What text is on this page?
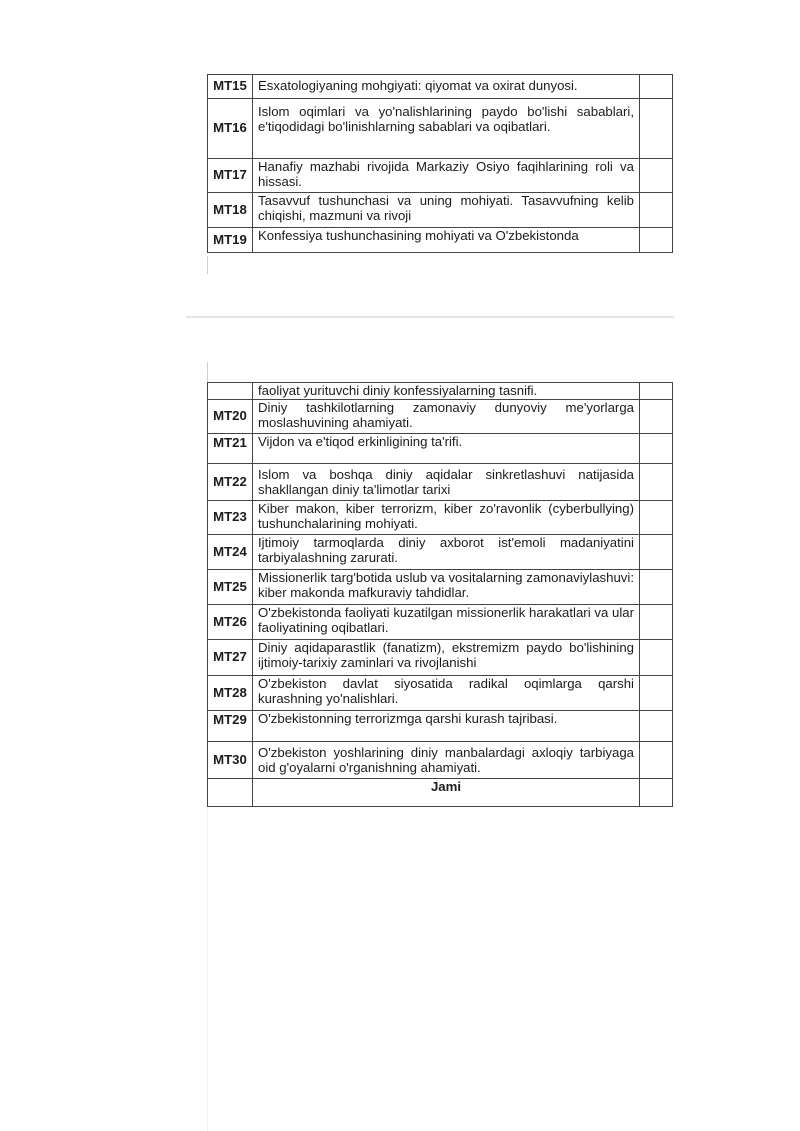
MT15	Esxatologiyaning mohgiyati: qiyomat va oxirat dunyosi.	
MT16	Islom oqimlari va yo'nalishlarining paydo bo'lishi sabablari, e'tiqodidagi bo'linishlarning sabablari va oqibatlari.	
MT17	Hanafiy mazhabi rivojida Markaziy Osiyo faqihlarining roli va hissasi.	
MT18	Tasavvuf tushunchasi va uning mohiyati. Tasavvufning kelib chiqishi, mazmuni va rivoji	
MT19	Konfessiya tushunchasining mohiyati va O'zbekistonda	
	faoliyat yurituvchi diniy konfessiyalarning tasnifi.	
MT20	Diniy tashkilotlarning zamonaviy dunyoviy me'yorlarga moslashuvining ahamiyati.	
MT21	Vijdon va e'tiqod erkinligining ta'rifi.	
MT22	Islom va boshqa diniy aqidalar sinkretlashuvi natijasida shakllangan diniy ta'limotlar tarixi	
MT23	Kiber makon, kiber terrorizm, kiber zo'ravonlik (cyberbullying) tushunchalarining mohiyati.	
MT24	Ijtimoiy tarmoqlarda diniy axborot ist'emoli madaniyatini tarbiyalashning zarurati.	
MT25	Missionerlik targ'botida uslub va vositalarning zamonaviylashuvi: kiber makonda mafkuraviy tahdidlar.	
MT26	O'zbekistonda faoliyati kuzatilgan missionerlik harakatlari va ular faoliyatining oqibatlari.	
MT27	Diniy aqidaparastlik (fanatizm), ekstremizm paydo bo'lishining ijtimoiy-tarixiy zaminlari va rivojlanishi	
MT28	O'zbekiston davlat siyosatida radikal oqimlarga qarshi kurashning yo'nalishlari.	
MT29	O'zbekistonning terrorizmga qarshi kurash tajribasi.	
MT30	O'zbekiston yoshlarining diniy manbalardagi axloqiy tarbiyaga oid g'oyalarni o'rganishning ahamiyati.	
	Jami	
